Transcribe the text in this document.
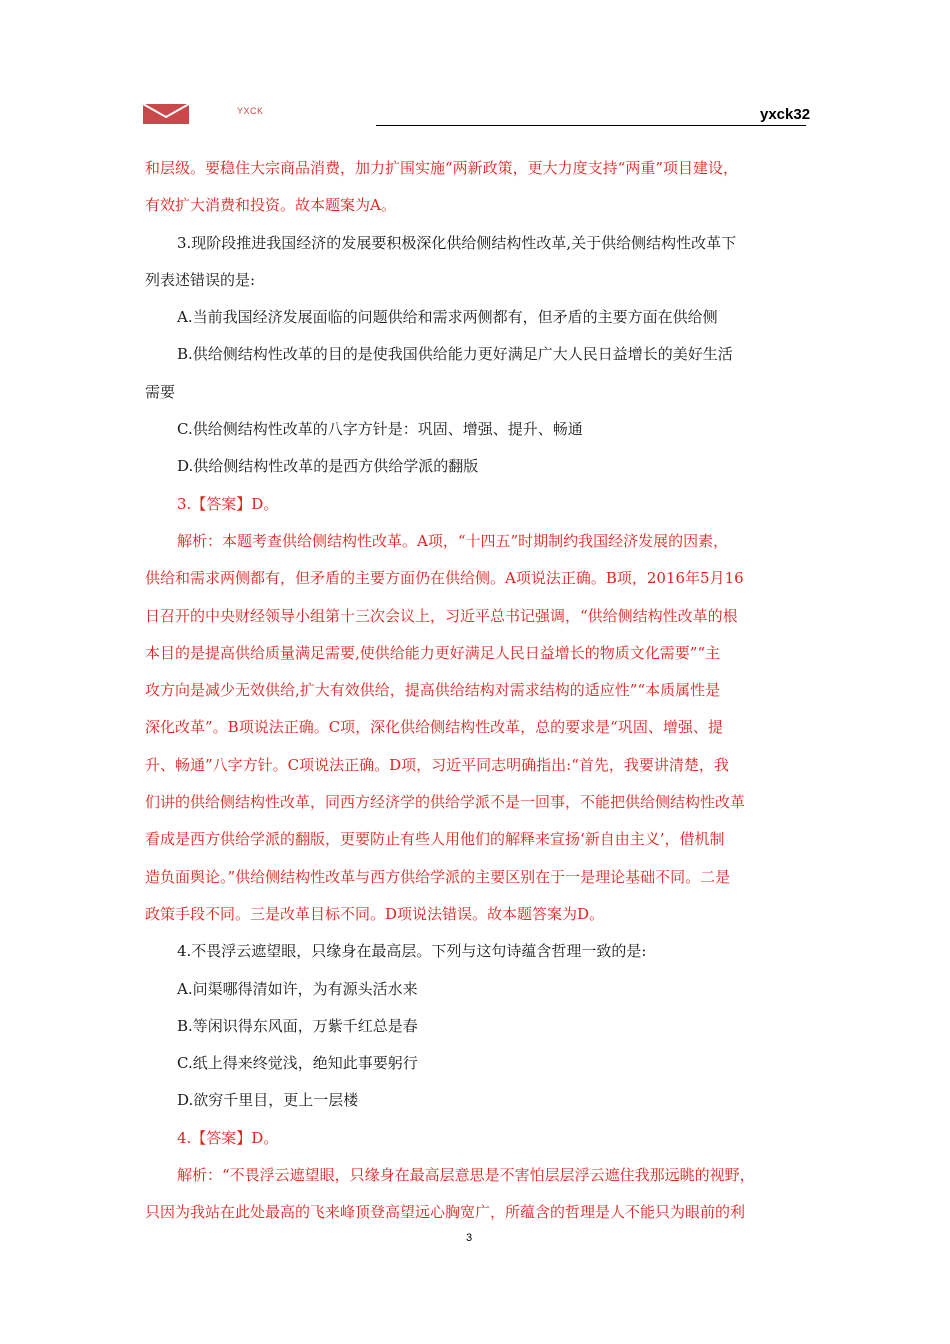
YXCK	yxck32
和层级。要稳住大宗商品消费，加力扩围实施“两新政策，更大力度支持“两重”项目建设，
有效扩大消费和投资。故本题案为A。
3.现阶段推进我国经济的发展要积极深化供给侧结构性改革,关于供给侧结构性改革下
列表述错误的是:
A.当前我国经济发展面临的问题供给和需求两侧都有，但矛盾的主要方面在供给侧
B.供给侧结构性改革的目的是使我国供给能力更好满足广大人民日益增长的美好生活
需要
C.供给侧结构性改革的八字方针是：巩固、增强、提升、畅通
D.供给侧结构性改革的是西方供给学派的翻版
3.【答案】D。
解析：本题考查供给侧结构性改革。A项，“十四五”时期制约我国经济发展的因素，
供给和需求两侧都有，但矛盾的主要方面仍在供给侧。A项说法正确。B项，2016年5月16
日召开的中央财经领导小组第十三次会议上，习近平总书记强调，“供给侧结构性改革的根
本目的是提高供给质量满足需要,使供给能力更好满足人民日益增长的物质文化需要”“主
攻方向是减少无效供给,扩大有效供给，提高供给结构对需求结构的适应性”“本质属性是
深化改革”。B项说法正确。C项，深化供给侧结构性改革，总的要求是“巩固、增强、提
升、畅通”八字方针。C项说法正确。D项，习近平同志明确指出:“首先，我要讲清楚，我
们讲的供给侧结构性改革，同西方经济学的供给学派不是一回事，不能把供给侧结构性改革
看成是西方供给学派的翻版，更要防止有些人用他们的解释来宣扬‘新自由主义’，借机制
造负面舆论。”供给侧结构性改革与西方供给学派的主要区别在于一是理论基础不同。二是
政策手段不同。三是改革目标不同。D项说法错误。故本题答案为D。
4.不畏浮云遮望眼，只缘身在最高层。下列与这句诗蕴含哲理一致的是:
A.问渠哪得清如许，为有源头活水来
B.等闲识得东风面，万紫千红总是春
C.纸上得来终觉浅，绝知此事要躬行
D.欲穷千里目，更上一层楼
4.【答案】D。
解析：“不畏浮云遮望眼，只缘身在最高层意思是不害怕层层浮云遮住我那远眺的视野，
只因为我站在此处最高的飞来峰顶登高望远心胸宽广，所蕴含的哲理是人不能只为眼前的利
3
